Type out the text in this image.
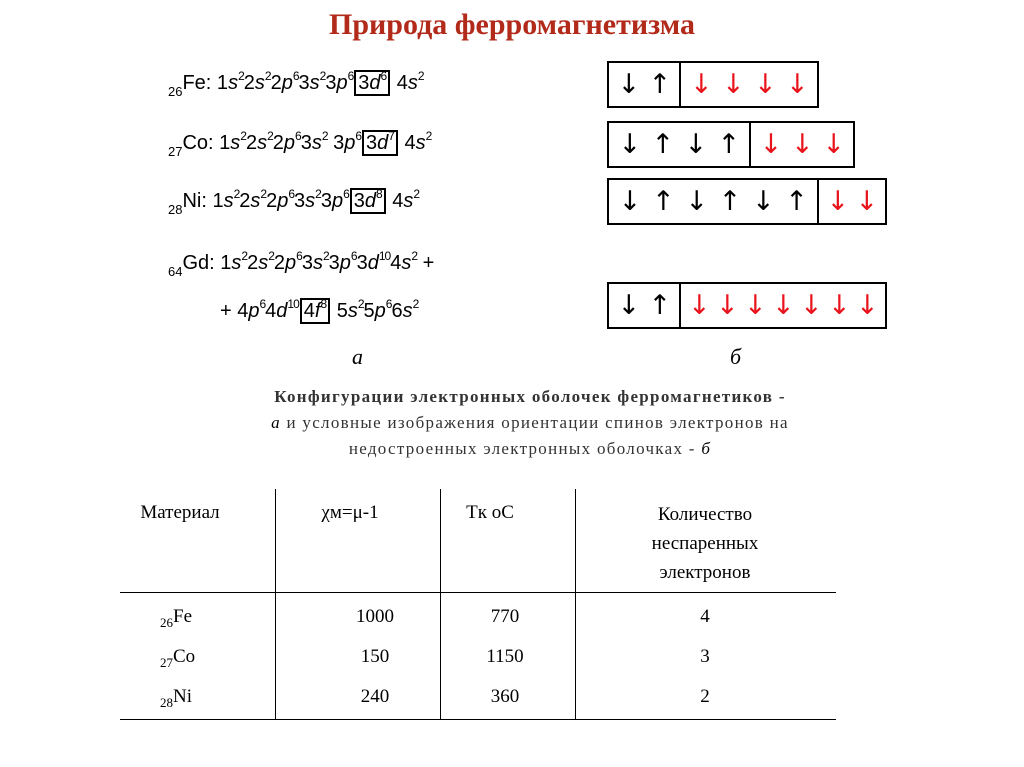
Природа ферромагнетизма
$_{26}$Fe: $1s^22s^22p^63s^23p^6$ $3d^6$ $4s^2$
$_{27}$Co: $1s^22s^22p^63s^2$ $3p^6$ $3d^7$ $4s^2$
$_{28}$Ni: $1s^22s^22p^63s^23p^6$ $3d^8$ $4s^2$
$_{64}$Gd: $1s^22s^22p^63s^23p^63d^{10}4s^2$ +
+ $4p^64d^{10}$ $4f^8$ $5s^25p^66s^2$
↓ ↑ ↓ ↓ ↓ ↓
↓ ↑ ↓ ↑ ↓ ↓ ↓
↓ ↑ ↓ ↑ ↓ ↑ ↓ ↓
↓ ↑ ↓ ↓ ↓ ↓ ↓ ↓ ↓
а	б
Конфигурации электронных оболочек ферромагнетиков -
а и условные изображения ориентации спинов электронов на
недостроенных электронных оболочках - б
Материал	χм=μ-1	Tк oC	Количество
неспаренных
электронов
$_{26}$Fe	1000	770	4
$_{27}$Co	150	1150	3
$_{28}$Ni	240	360	2
